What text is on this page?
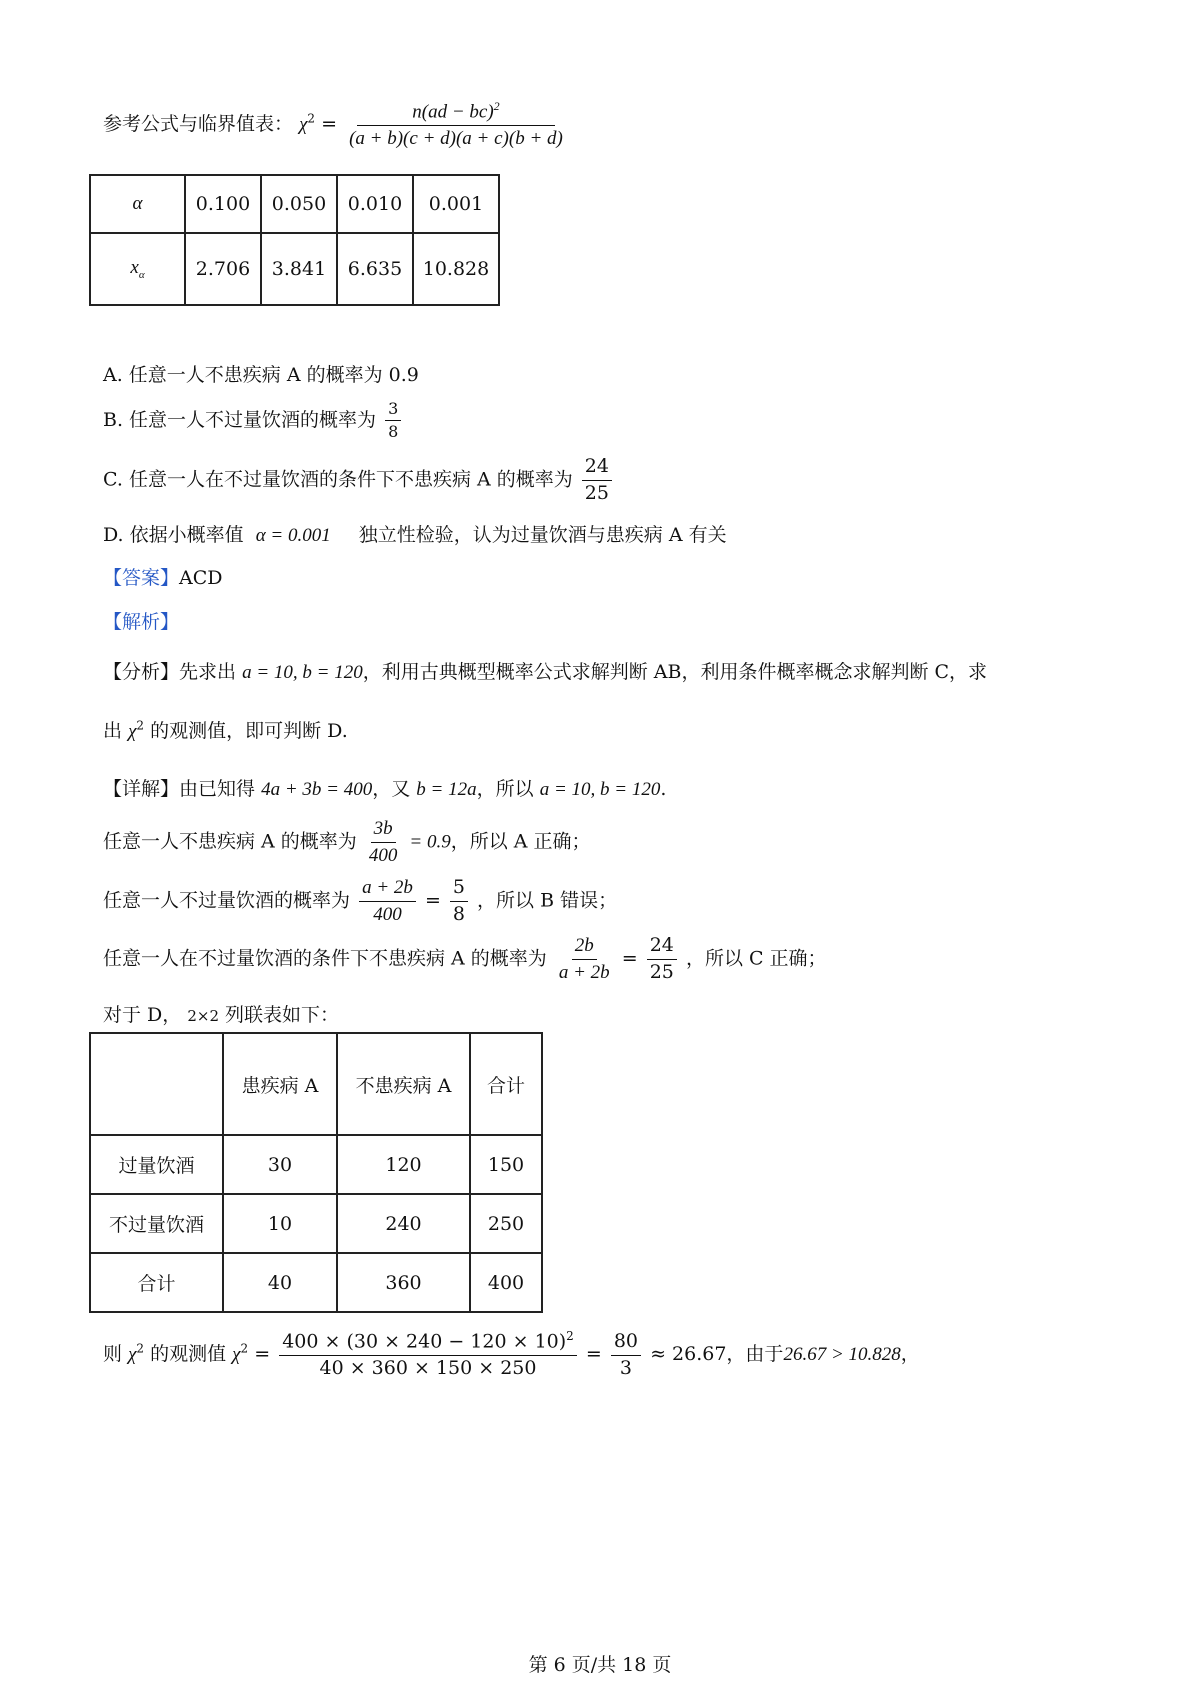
参考公式与临界值表： $\chi^2 = \frac{n(ad - bc)^2}{(a + b)(c + d)(a + c)(b + d)}$
α	0.100	0.050	0.010	0.001
$x_\alpha$	2.706	3.841	6.635	10.828
A. 任意一人不患疾病 A 的概率为 0.9
B. 任意一人不过量饮酒的概率为 $\frac{3}{8}$
C. 任意一人在不过量饮酒的条件下不患疾病 A 的概率为 $\frac{24}{25}$
D. 依据小概率值 α = 0.001 独立性检验，认为过量饮酒与患疾病 A 有关
【答案】ACD
【解析】
【分析】先求出 a = 10, b = 120，利用古典概型概率公式求解判断 AB，利用条件概率概念求解判断 C，求
出 $\chi^2$ 的观测值，即可判断 D.
【详解】由已知得 4a + 3b = 400，又 b = 12a，所以 a = 10, b = 120.
任意一人不患疾病 A 的概率为 $\frac{3b}{400} = 0.9$，所以 A 正确；
任意一人不过量饮酒的概率为 $\frac{a + 2b}{400} = \frac{5}{8}$ ，所以 B 错误；
任意一人在不过量饮酒的条件下不患疾病 A 的概率为 $\frac{2b}{a + 2b} = \frac{24}{25}$ ，所以 C 正确；
对于 D， 2×2 列联表如下：
	患疾病 A	不患疾病 A	合计
过量饮酒	30	120	150
不过量饮酒	10	240	250
合计	40	360	400
则 $\chi^2$ 的观测值 $\chi^2 = \frac{400 \times (30 \times 240 - 120 \times 10)^2}{40 \times 360 \times 150 \times 250} = \frac{80}{3} \approx 26.67$，由于26.67 > 10.828，
第 6 页/共 18 页
